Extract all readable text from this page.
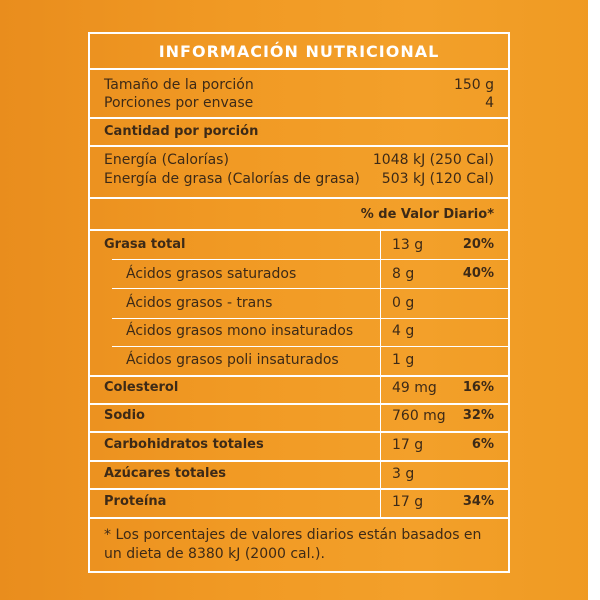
INFORMACIÓN NUTRICIONAL
Tamaño de la porción	150 g
Porciones por envase	4
Cantidad por porción
Energía (Calorías)	1048 kJ (250 Cal)
Energía de grasa (Calorías de grasa) 503 kJ (120 Cal)
% de Valor Diario*
Grasa total	13 g	20%
Ácidos grasos saturados	8 g	40%
Ácidos grasos - trans	0 g
Ácidos grasos mono insaturados	4 g
Ácidos grasos poli insaturados	1 g
Colesterol	49 mg 16%
Sodio	760 mg 32%
Carbohidratos totales	17 g	6%
Azúcares totales	3 g
Proteína	17 g	34%
* Los porcentajes de valores diarios están basados en un dieta de 8380 kJ (2000 cal.).
